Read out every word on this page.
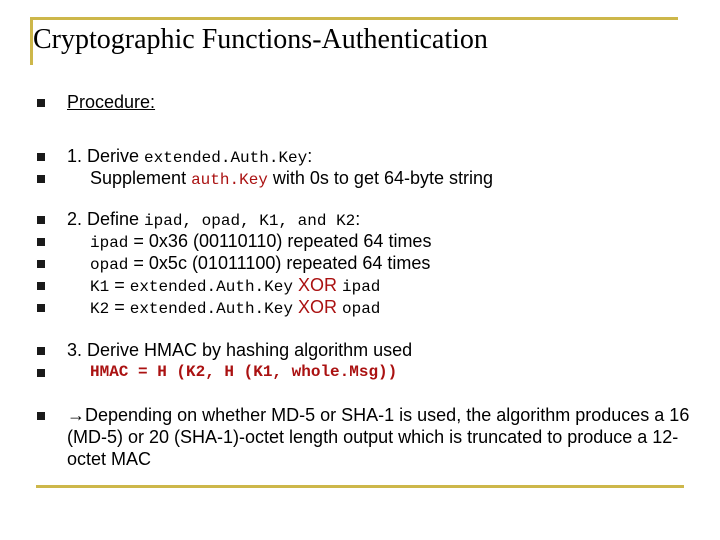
Cryptographic Functions-Authentication
Procedure:
1. Derive extended.Auth.Key:
Supplement auth.Key with 0s to get 64-byte string
2. Define ipad, opad, K1, and K2:
ipad = 0x36 (00110110) repeated 64 times
opad = 0x5c (01011100) repeated 64 times
K1 = extended.Auth.Key XOR ipad
K2 = extended.Auth.Key XOR opad
3. Derive HMAC by hashing algorithm used
HMAC = H (K2, H (K1, whole.Msg))
→Depending on whether MD-5 or SHA-1 is used, the algorithm produces a 16 (MD-5) or 20 (SHA-1)-octet length output which is truncated to produce a 12-octet MAC
